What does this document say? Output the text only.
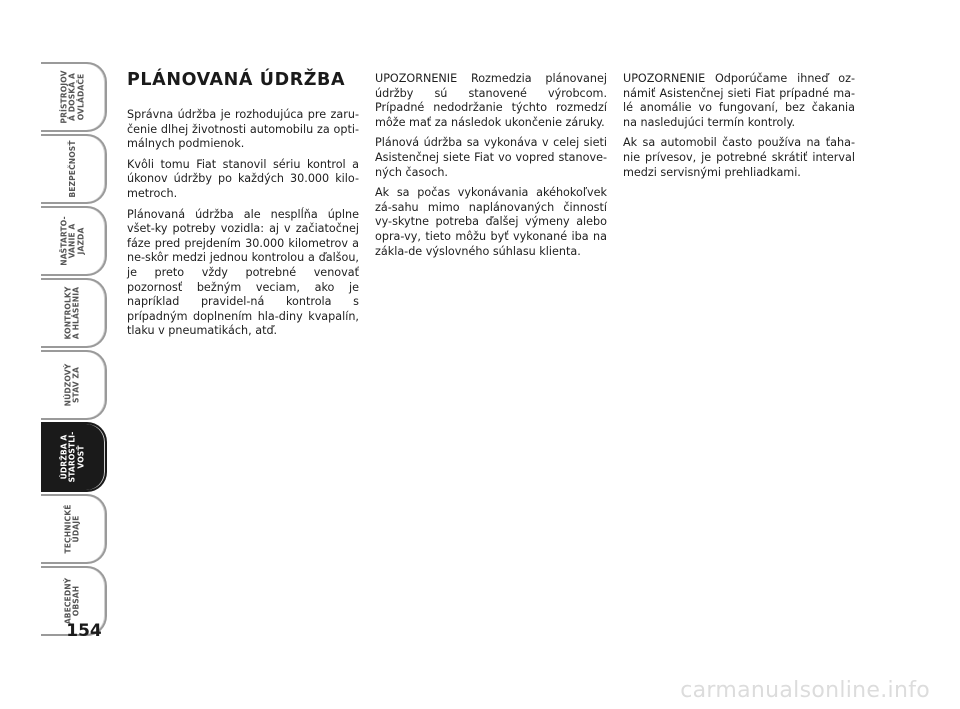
PRÍSTROJOV
Á DOSKA A
OVLÁDAČE
BEZPEČNOSŤ
NAŠTARTO-
VANIE A
JAZDA
KONTROLKY
A HLÁSENIA
NÚDZOVÝ
STAV ZA
ÚDRŽBA A
STAROSTLI-
VOSŤ
TECHNICKÉ
ÚDAJE
ABECEDNÝ
OBSAH
154
PLÁNOVANÁ ÚDRŽBA

Správna údržba je rozhodujúca pre zaru-čenie dlhej životnosti automobilu za opti-málnych podmienok.

Kvôli tomu Fiat stanovil sériu kontrol a úkonov údržby po každých 30.000 kilo-metroch.

Plánovaná údržba ale nesplĺňa úplne všet-ky potreby vozidla: aj v začiatočnej fáze pred prejdením 30.000 kilometrov a ne-skôr medzi jednou kontrolou a ďalšou, je preto vždy potrebné venovať pozornosť bežným veciam, ako je napríklad pravidel-ná kontrola s prípadným doplnením hla-diny kvapalín, tlaku v pneumatikách, atď.

UPOZORNENIE Rozmedzia plánovanej údržby sú stanovené výrobcom. Prípadné nedodržanie týchto rozmedzí môže mať za následok ukončenie záruky.

Plánová údržba sa vykonáva v celej sieti Asistenčnej siete Fiat vo vopred stanove-ných časoch.

Ak sa počas vykonávania akéhokoľvek zá-sahu mimo naplánovaných činností vy-skytne potreba ďalšej výmeny alebo opra-vy, tieto môžu byť vykonané iba na zákla-de výslovného súhlasu klienta.

UPOZORNENIE Odporúčame ihneď oz-námiť Asistenčnej sieti Fiat prípadné ma-lé anomálie vo fungovaní, bez čakania na nasledujúci termín kontroly.

Ak sa automobil často používa na ťaha-nie prívesov, je potrebné skrátiť interval medzi servisnými prehliadkami.

carmanualsonline.info
